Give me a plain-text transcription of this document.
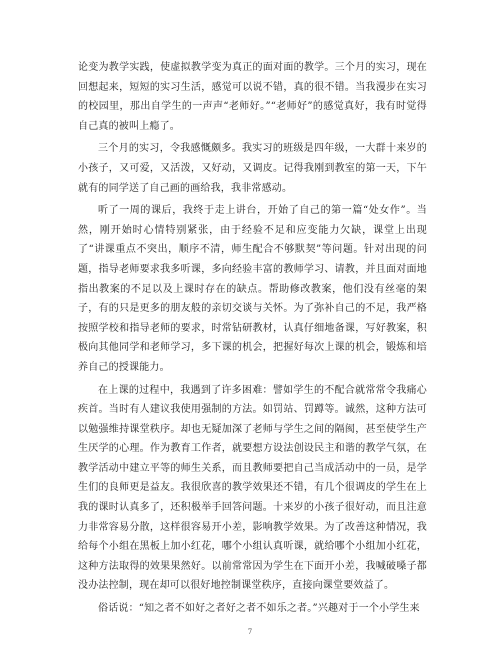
论变为教学实践，使虚拟教学变为真正的面对面的教学。三个月的实习，现在回想起来，短短的实习生活，感觉可以说不错，真的很不错。当我漫步在实习的校园里，那出自学生的一声声“老师好。”“老师好”的感觉真好，我有时觉得自己真的被叫上瘾了。

三个月的实习，令我感慨颇多。我实习的班级是四年级，一大群十来岁的小孩子，又可爱，又活泼，又好动，又调皮。记得我刚到教室的第一天，下午就有的同学送了自己画的画给我，我非常感动。

听了一周的课后，我终于走上讲台，开始了自己的第一篇“处女作”。当然，刚开始时心情特别紧张，由于经验不足和应变能力欠缺，课堂上出现了“讲课重点不突出，顺序不清，师生配合不够默契”等问题。针对出现的问题，指导老师要求我多听课，多向经验丰富的教师学习、请教，并且面对面地指出教案的不足以及上课时存在的缺点。帮助修改教案，他们没有丝毫的架子，有的只是更多的朋友般的亲切交谈与关怀。为了弥补自己的不足，我严格按照学校和指导老师的要求，时常钻研教材，认真仔细地备课，写好教案，积极向其他同学和老师学习，多下课的机会，把握好每次上课的机会，锻炼和培养自己的授课能力。

在上课的过程中，我遇到了许多困难：譬如学生的不配合就常常令我痛心疾首。当时有人建议我使用强制的方法。如罚站、罚蹲等。诚然，这种方法可以勉强维持课堂秩序。却也无疑加深了老师与学生之间的隔阂，甚至使学生产生厌学的心理。作为教育工作者，就要想方设法创设民主和谐的教学气氛，在教学活动中建立平等的师生关系，而且教师要把自己当成活动中的一员，是学生们的良师更是益友。我很欣喜的教学效果还不错，有几个很调皮的学生在上我的课时认真多了，还积极举手回答问题。十来岁的小孩子很好动，而且注意力非常容易分散，这样很容易开小差，影响教学效果。为了改善这种情况，我给每个小组在黑板上加小红花，哪个小组认真听课，就给哪个小组加小红花，这种方法取得的效果果然好。以前常常因为学生在下面开小差，我喊破嗓子都没办法控制，现在却可以很好地控制课堂秩序，直接向课堂要效益了。

俗话说：“知之者不如好之者好之者不如乐之者。”兴趣对于一个小学生来

7
